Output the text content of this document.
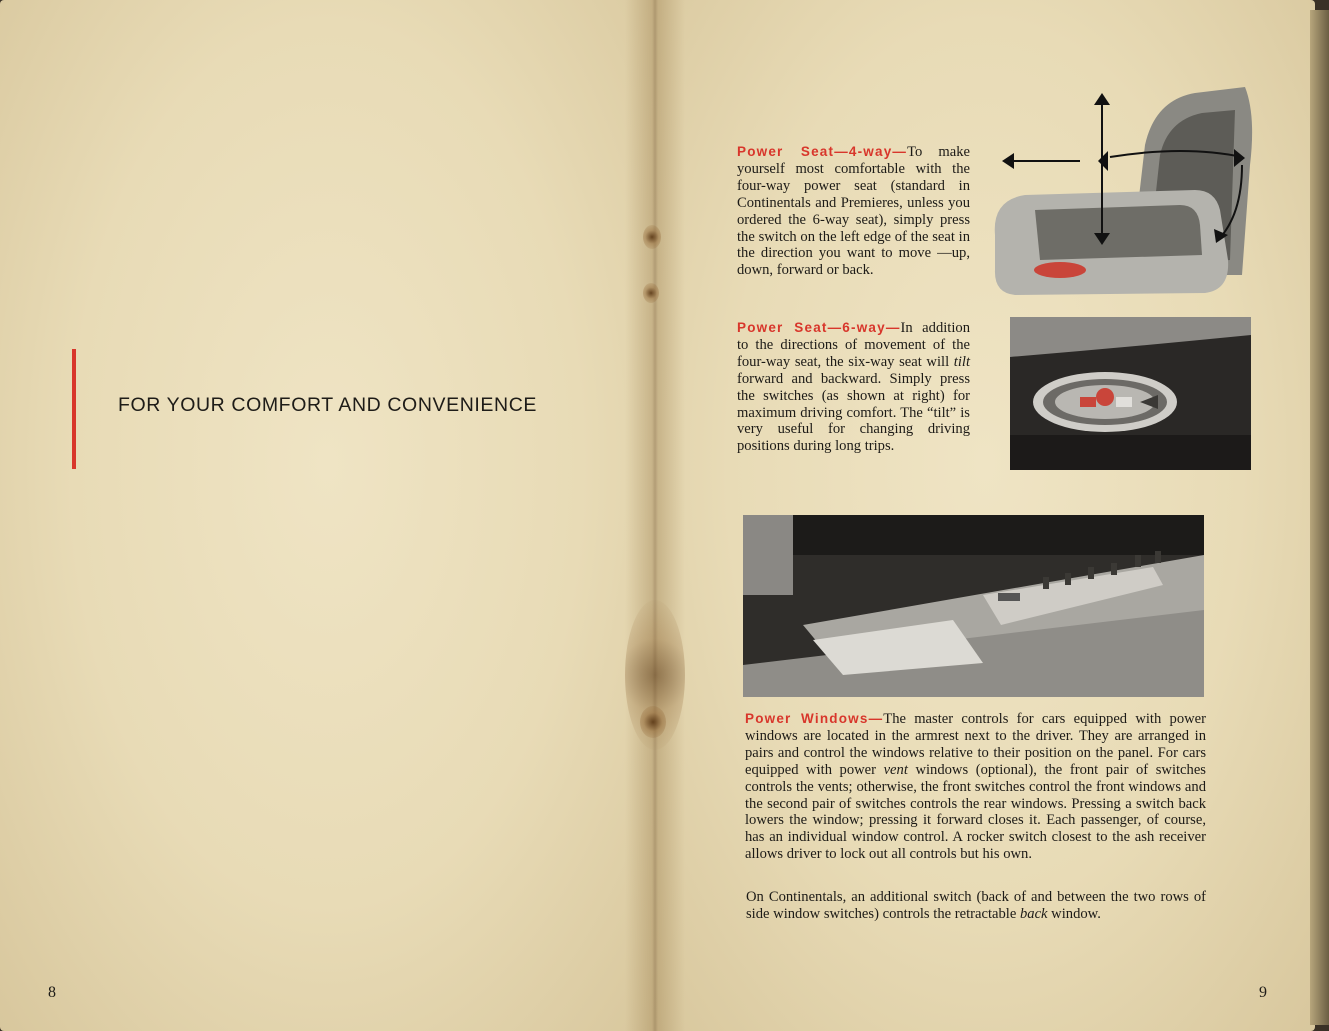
FOR YOUR COMFORT AND CONVENIENCE
8
Power Seat—4-way—To make yourself most comfortable with the four-way power seat (standard in Continentals and Premieres, unless you ordered the 6-way seat), simply press the switch on the left edge of the seat in the direction you want to move —up, down, forward or back.
Power Seat—6-way—In addition to the directions of movement of the four-way seat, the six-way seat will tilt forward and backward. Simply press the switches (as shown at right) for maximum driving comfort. The “tilt” is very useful for changing driving positions during long trips.
Power Windows—The master controls for cars equipped with power windows are located in the armrest next to the driver. They are arranged in pairs and control the windows relative to their position on the panel. For cars equipped with power vent windows (optional), the front pair of switches controls the vents; otherwise, the front switches control the front windows and the second pair of switches controls the rear windows. Pressing a switch back lowers the window; pressing it forward closes it. Each passenger, of course, has an individual window control. A rocker switch closest to the ash receiver allows driver to lock out all controls but his own.
On Continentals, an additional switch (back of and between the two rows of side window switches) controls the retractable back window.
9
